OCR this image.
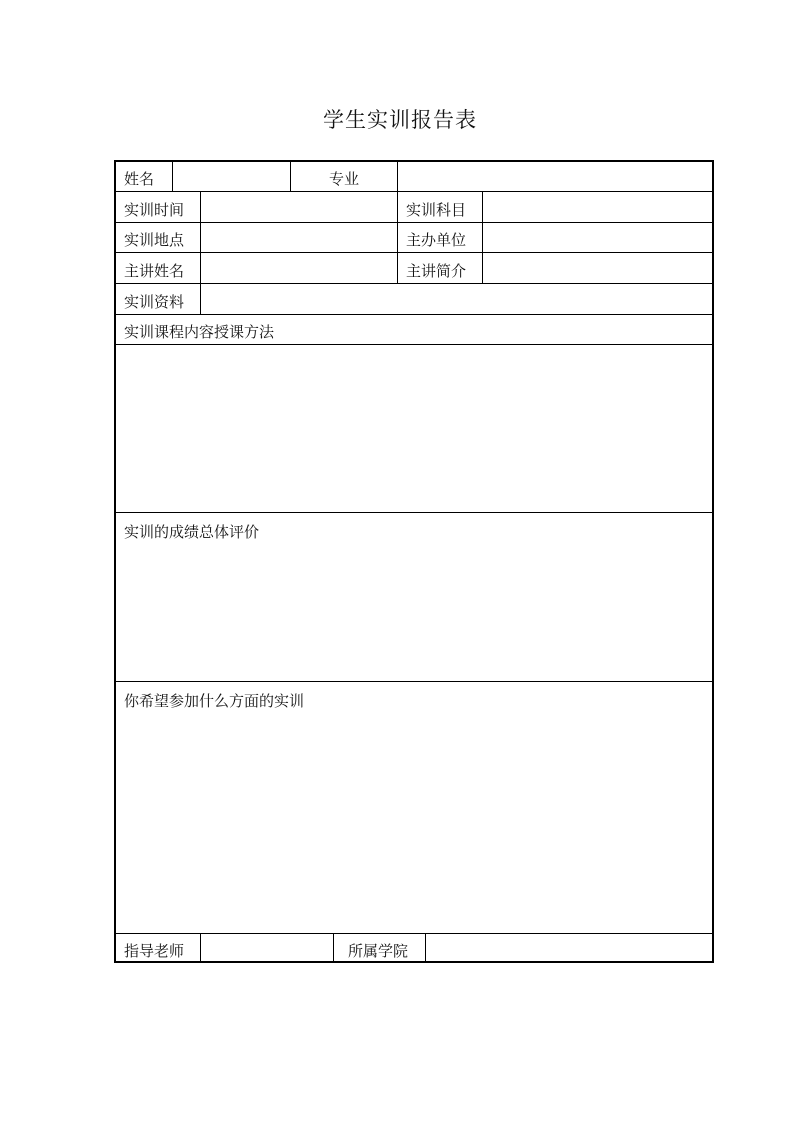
学生实训报告表
姓名	专业
实训时间	实训科目
实训地点	主办单位
主讲姓名	主讲简介
实训资料
实训课程内容授课方法
实训的成绩总体评价
你希望参加什么方面的实训
指导老师	所属学院
